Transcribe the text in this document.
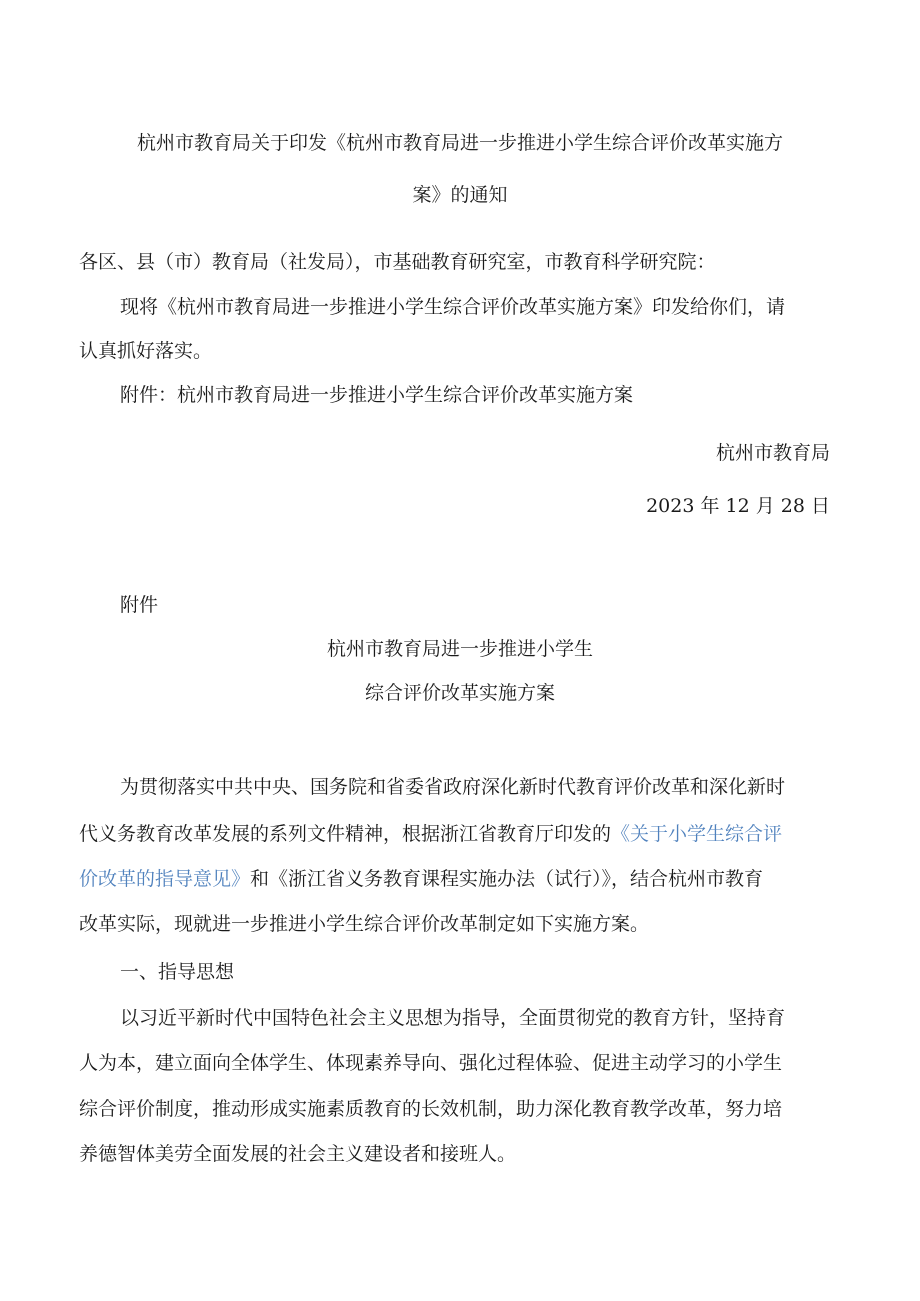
杭州市教育局关于印发《杭州市教育局进一步推进小学生综合评价改革实施方
案》的通知
各区、县（市）教育局（社发局），市基础教育研究室，市教育科学研究院：
现将《杭州市教育局进一步推进小学生综合评价改革实施方案》印发给你们，请
认真抓好落实。
附件：杭州市教育局进一步推进小学生综合评价改革实施方案
杭州市教育局
2023 年 12 月 28 日
附件
杭州市教育局进一步推进小学生
综合评价改革实施方案
为贯彻落实中共中央、国务院和省委省政府深化新时代教育评价改革和深化新时
代义务教育改革发展的系列文件精神，根据浙江省教育厅印发的《关于小学生综合评
价改革的指导意见》和《浙江省义务教育课程实施办法（试行）》，结合杭州市教育
改革实际，现就进一步推进小学生综合评价改革制定如下实施方案。
一、指导思想
以习近平新时代中国特色社会主义思想为指导，全面贯彻党的教育方针，坚持育
人为本，建立面向全体学生、体现素养导向、强化过程体验、促进主动学习的小学生
综合评价制度，推动形成实施素质教育的长效机制，助力深化教育教学改革，努力培
养德智体美劳全面发展的社会主义建设者和接班人。
